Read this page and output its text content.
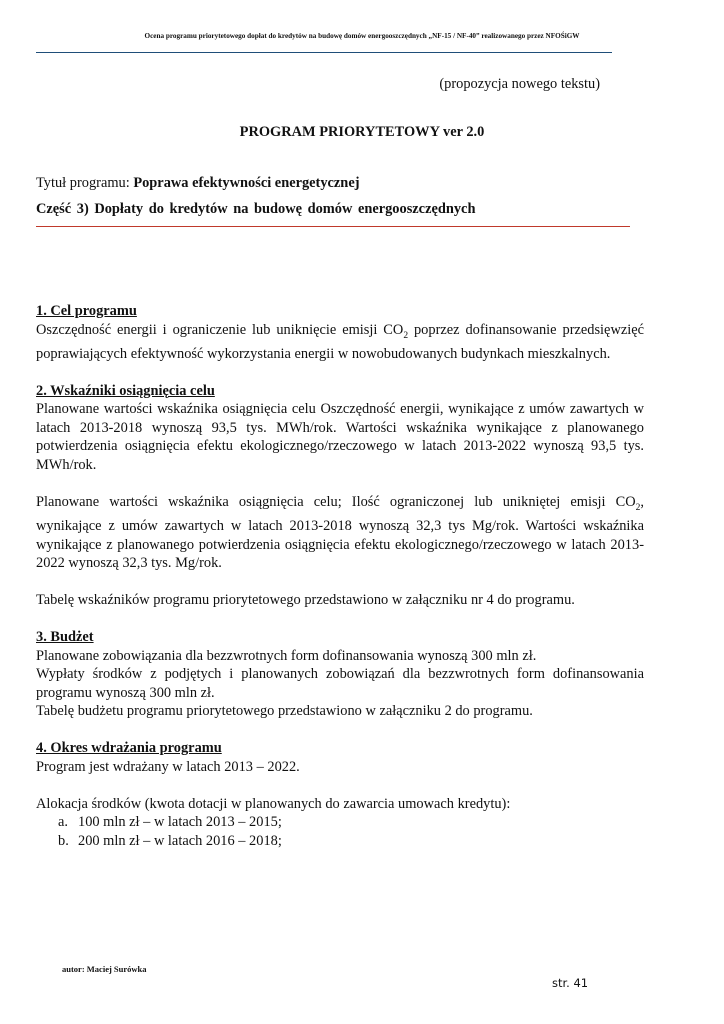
Ocena programu priorytetowego dopłat do kredytów na budowę domów energooszczędnych „NF-15 / NF-40” realizowanego przez NFOŚiGW
(propozycja nowego tekstu)
PROGRAM PRIORYTETOWY ver 2.0
Tytuł programu: Poprawa efektywności energetycznej
Część 3) Dopłaty do kredytów na budowę domów energooszczędnych

1. Cel programu

Oszczędność energii i ograniczenie lub uniknięcie emisji $CO_2$ poprzez dofinansowanie przedsięwzięć poprawiających efektywność wykorzystania energii w nowobudowanych budynkach mieszkalnych.

2. Wskaźniki osiągnięcia celu

Planowane wartości wskaźnika osiągnięcia celu Oszczędność energii, wynikające z umów zawartych w latach 2013-2018 wynoszą 93,5 tys. MWh/rok. Wartości wskaźnika wynikające z planowanego potwierdzenia osiągnięcia efektu ekologicznego/rzeczowego w latach 2013-2022 wynoszą 93,5 tys. MWh/rok.

Planowane wartości wskaźnika osiągnięcia celu; Ilość ograniczonej lub unikniętej emisji $CO_2$, wynikające z umów zawartych w latach 2013-2018 wynoszą 32,3 tys Mg/rok. Wartości wskaźnika wynikające z planowanego potwierdzenia osiągnięcia efektu ekologicznego/rzeczowego w latach 2013-2022 wynoszą 32,3 tys. Mg/rok.

Tabelę wskaźników programu priorytetowego przedstawiono w załączniku nr 4 do programu.

3. Budżet

Planowane zobowiązania dla bezzwrotnych form dofinansowania wynoszą 300 mln zł.

Wypłaty środków z podjętych i planowanych zobowiązań dla bezzwrotnych form dofinansowania programu wynoszą 300 mln zł.

Tabelę budżetu programu priorytetowego przedstawiono w załączniku 2 do programu.

4. Okres wdrażania programu

Program jest wdrażany w latach 2013 – 2022.

Alokacja środków (kwota dotacji w planowanych do zawarcia umowach kredytu):

a. 100 mln zł – w latach 2013 – 2015;
b. 200 mln zł – w latach 2016 – 2018;
autor: Maciej Surówka
str. 41
